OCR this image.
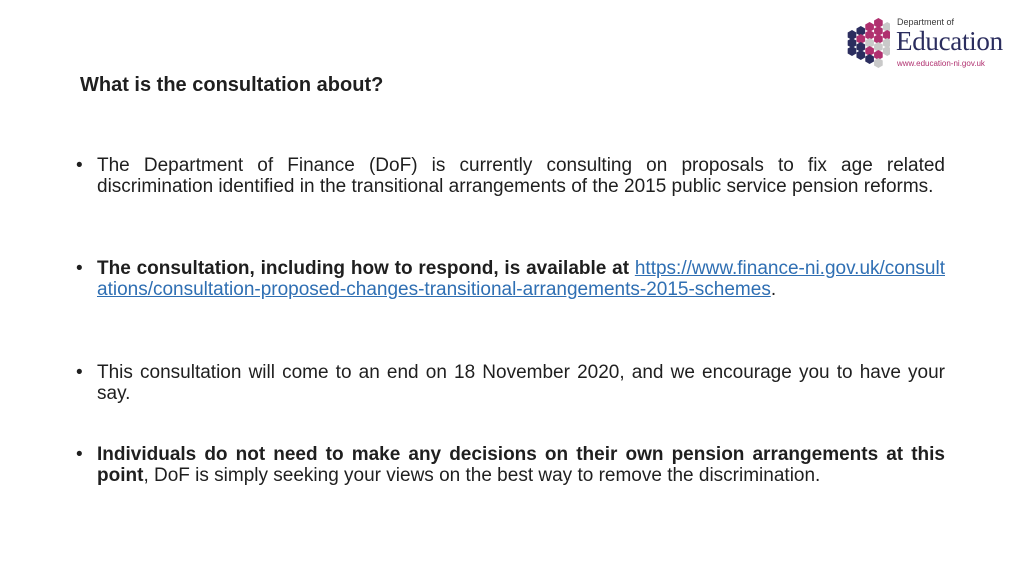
Department of
Education
www.education-ni.gov.uk
What is the consultation about?
• The Department of Finance (DoF) is currently consulting on proposals to fix age related discrimination identified in the transitional arrangements of the 2015 public service pension reforms.
• The consultation, including how to respond, is available at https://www.finance-ni.gov.uk/consultations/consultation-proposed-changes-transitional-arrangements-2015-schemes.
• This consultation will come to an end on 18 November 2020, and we encourage you to have your say.
• Individuals do not need to make any decisions on their own pension arrangements at this point, DoF is simply seeking your views on the best way to remove the discrimination.
